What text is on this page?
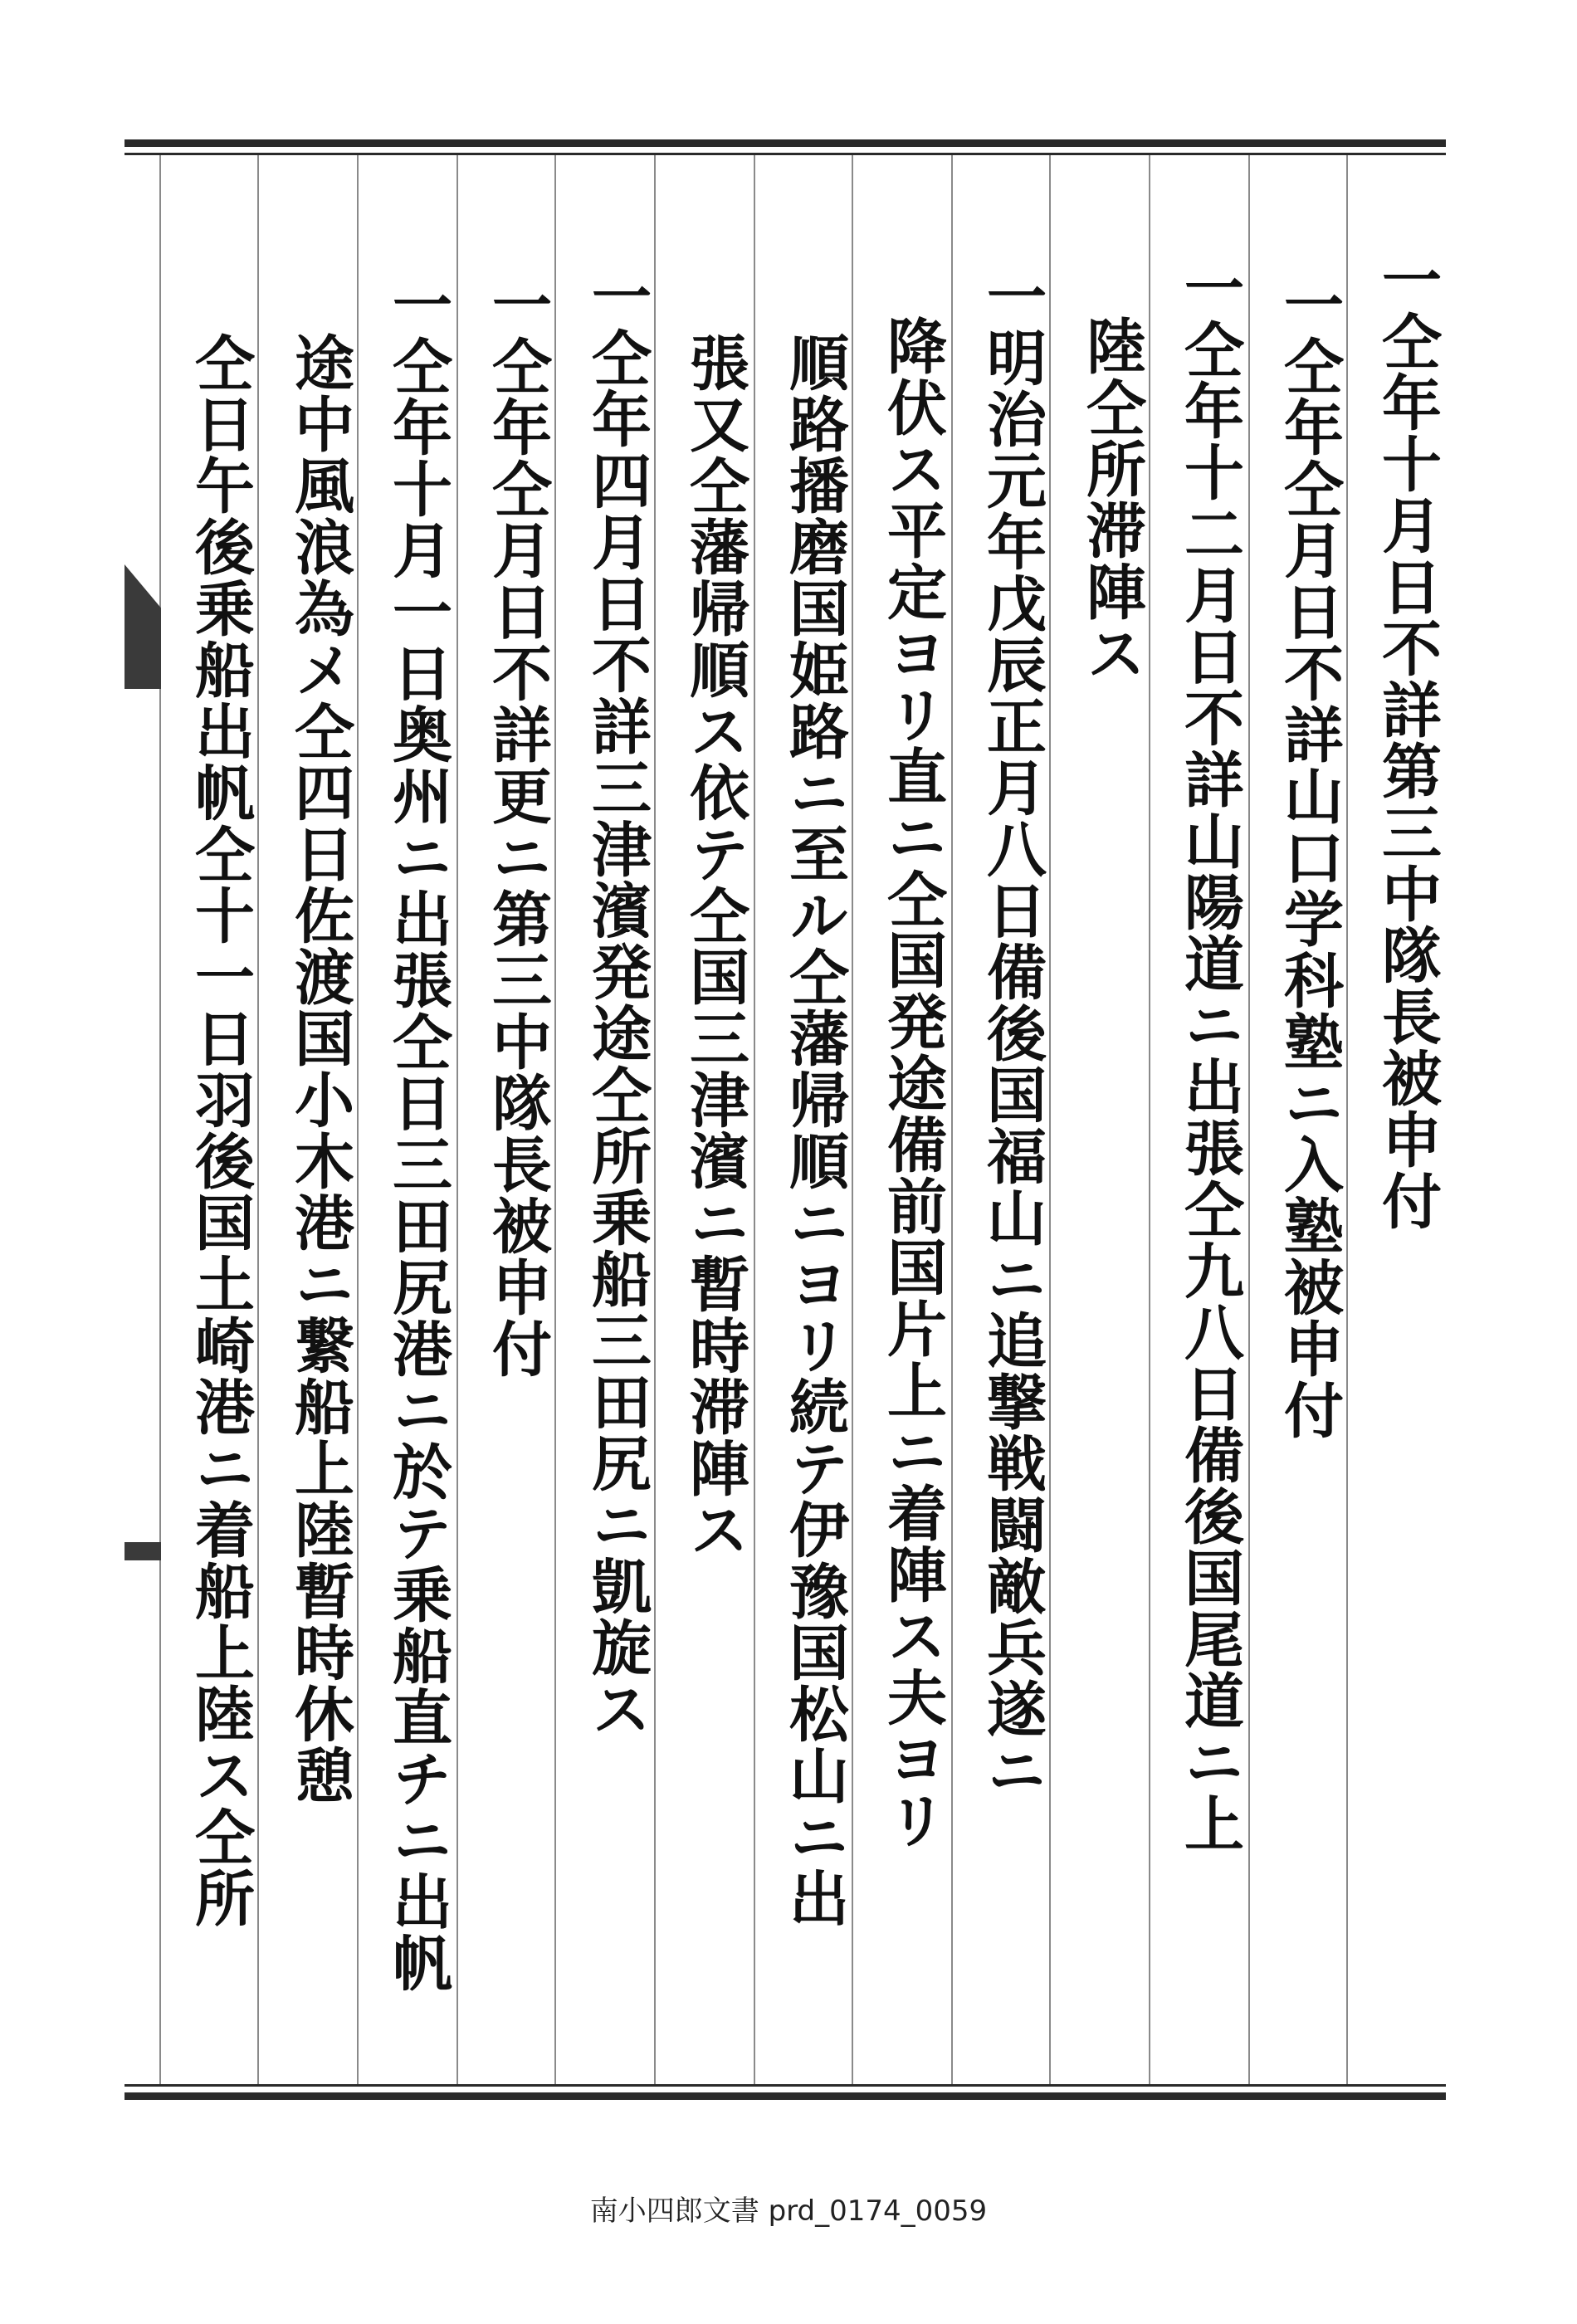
一仝年十月日不詳第三中隊長被申付
一仝年仝月日不詳山口学科塾ニ入塾被申付
一仝年十二月日不詳山陽道ニ出張仝九八日備後国尾道ニ上
陸仝所滞陣ス
一明治元年戊辰正月八日備後国福山ニ追撃戦闘敵兵遂ニ
降伏ス平定ヨリ直ニ仝国発途備前国片上ニ着陣ス夫ヨリ
順路播磨国姫路ニ至ル仝藩帰順ニヨリ続テ伊豫国松山ニ出
張又仝藩帰順ス依テ仝国三津濱ニ暫時滞陣ス
一仝年四月日不詳三津濱発途仝所乗船三田尻ニ凱旋ス
一仝年仝月日不詳更ニ第三中隊長被申付
一仝年十月一日奥州ニ出張仝日三田尻港ニ於テ乗船直チニ出帆
途中風浪為メ仝四日佐渡国小木港ニ繋船上陸暫時休憩
仝日午後乗船出帆仝十一日羽後国土崎港ニ着船上陸ス仝所
南小四郎文書 prd_0174_0059
